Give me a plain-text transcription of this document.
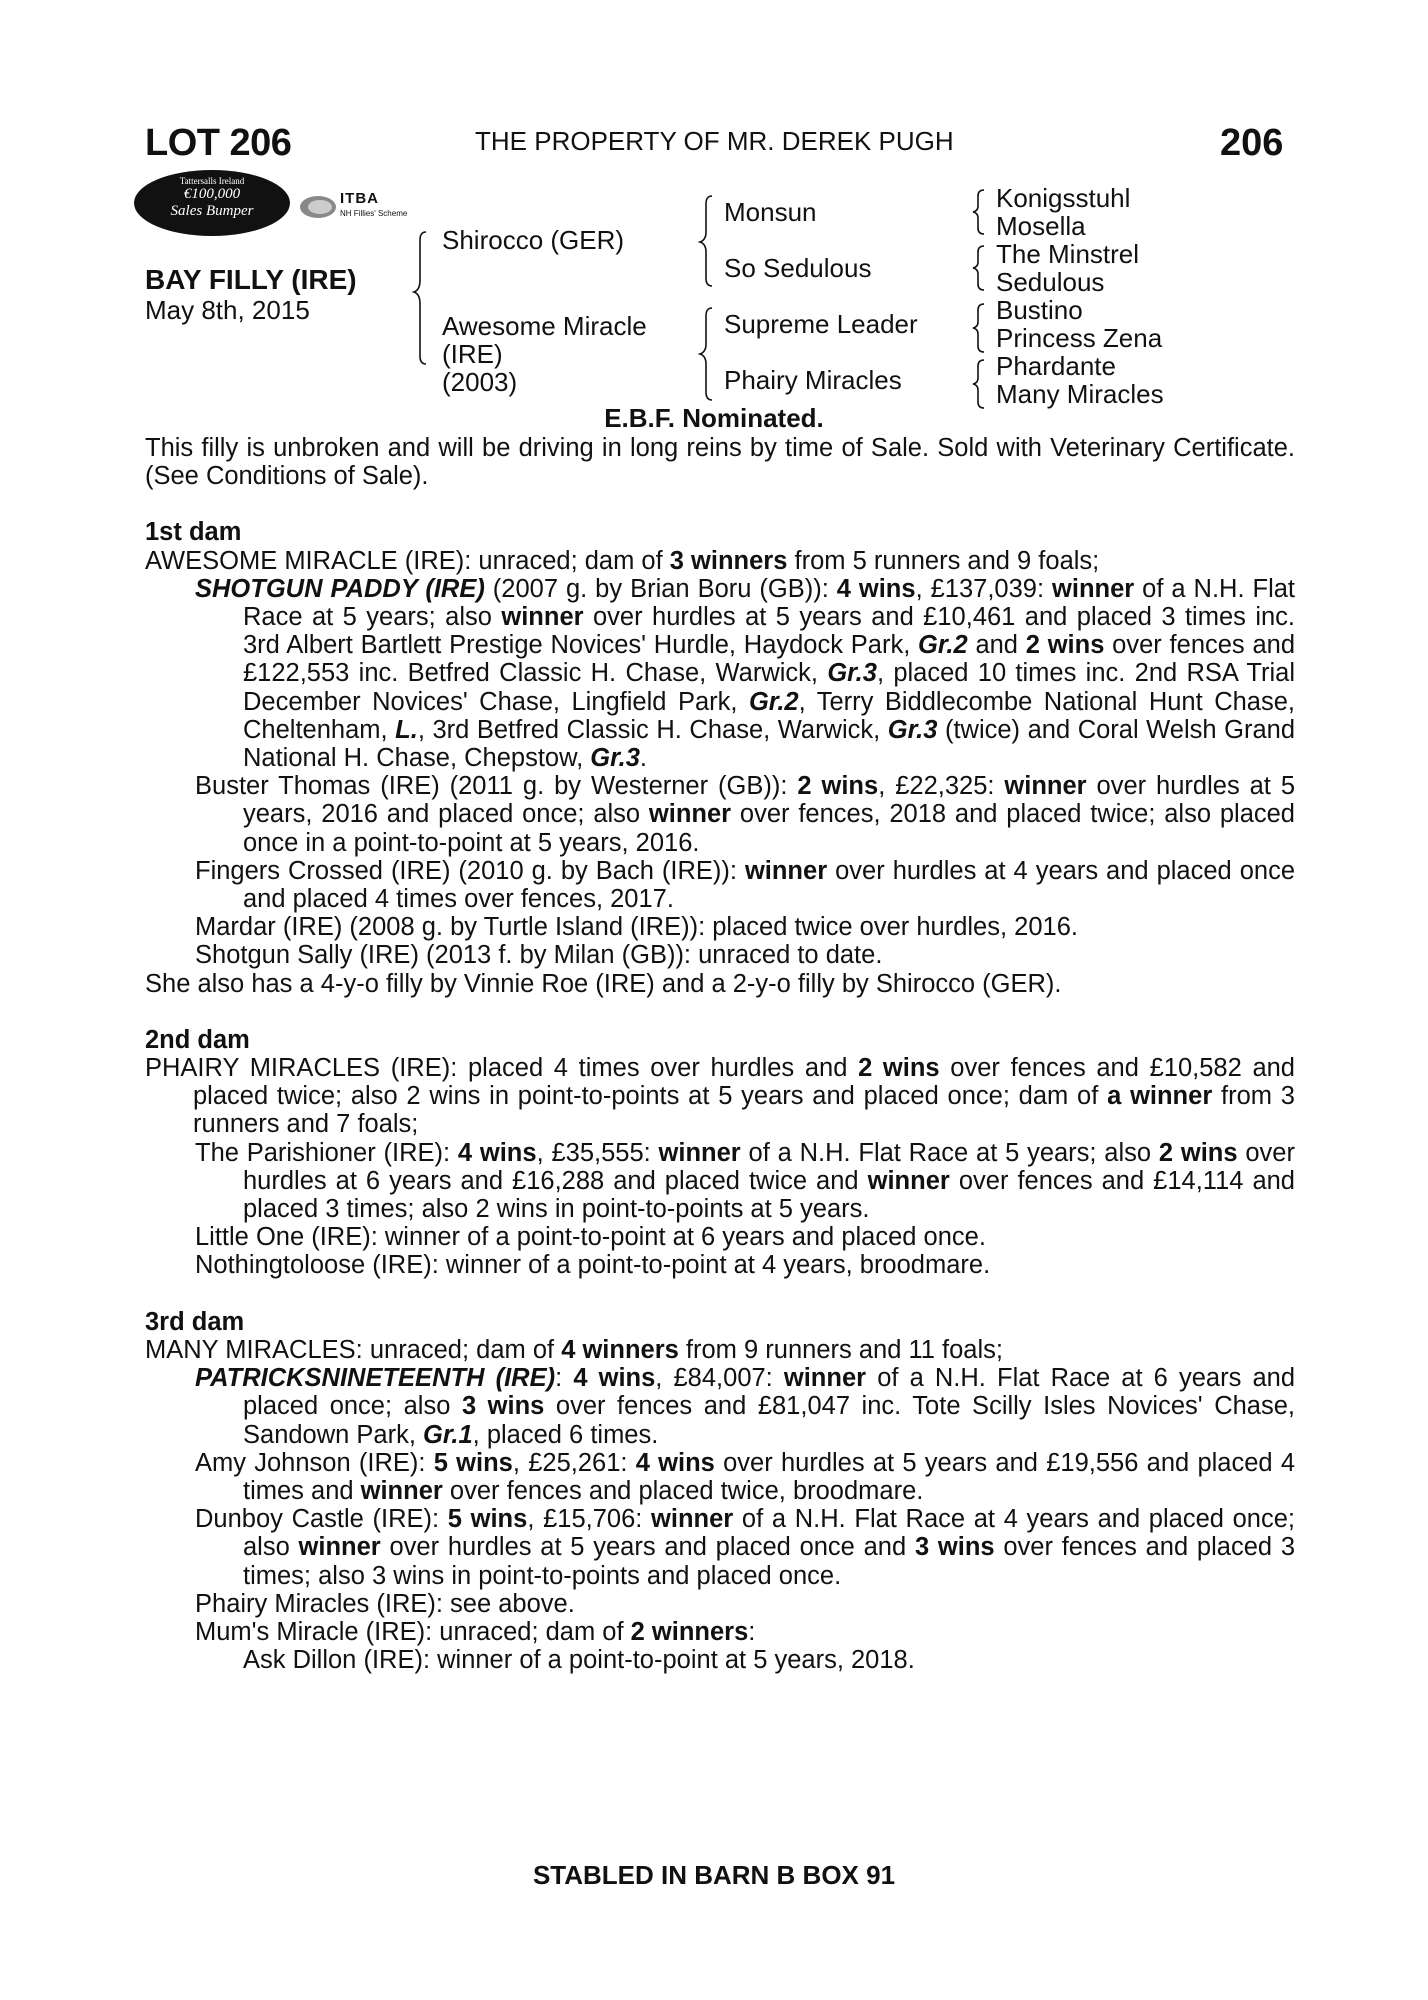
LOT 206	THE PROPERTY OF MR. DEREK PUGH	206
Tattersalls Ireland
€100,000
Sales Bumper
ITBA
NH Fillies' Scheme
BAY FILLY (IRE)
May 8th, 2015
Shirocco (GER)
Awesome Miracle
(IRE)
(2003)
Monsun
So Sedulous
Supreme Leader
Phairy Miracles
Konigsstuhl
Mosella
The Minstrel
Sedulous
Bustino
Princess Zena
Phardante
Many Miracles
E.B.F. Nominated.

This filly is unbroken and will be driving in long reins by time of Sale. Sold with Veterinary Certificate. (See Conditions of Sale).

1st dam

AWESOME MIRACLE (IRE): unraced; dam of 3 winners from 5 runners and 9 foals;

SHOTGUN PADDY (IRE) (2007 g. by Brian Boru (GB)): 4 wins, £137,039: winner of a N.H. Flat Race at 5 years; also winner over hurdles at 5 years and £10,461 and placed 3 times inc. 3rd Albert Bartlett Prestige Novices' Hurdle, Haydock Park, Gr.2 and 2 wins over fences and £122,553 inc. Betfred Classic H. Chase, Warwick, Gr.3, placed 10 times inc. 2nd RSA Trial December Novices' Chase, Lingfield Park, Gr.2, Terry Biddlecombe National Hunt Chase, Cheltenham, L., 3rd Betfred Classic H. Chase, Warwick, Gr.3 (twice) and Coral Welsh Grand National H. Chase, Chepstow, Gr.3.

Buster Thomas (IRE) (2011 g. by Westerner (GB)): 2 wins, £22,325: winner over hurdles at 5 years, 2016 and placed once; also winner over fences, 2018 and placed twice; also placed once in a point-to-point at 5 years, 2016.

Fingers Crossed (IRE) (2010 g. by Bach (IRE)): winner over hurdles at 4 years and placed once and placed 4 times over fences, 2017.

Mardar (IRE) (2008 g. by Turtle Island (IRE)): placed twice over hurdles, 2016.

Shotgun Sally (IRE) (2013 f. by Milan (GB)): unraced to date.

She also has a 4-y-o filly by Vinnie Roe (IRE) and a 2-y-o filly by Shirocco (GER).

2nd dam

PHAIRY MIRACLES (IRE): placed 4 times over hurdles and 2 wins over fences and £10,582 and placed twice; also 2 wins in point-to-points at 5 years and placed once; dam of a winner from 3 runners and 7 foals;

The Parishioner (IRE): 4 wins, £35,555: winner of a N.H. Flat Race at 5 years; also 2 wins over hurdles at 6 years and £16,288 and placed twice and winner over fences and £14,114 and placed 3 times; also 2 wins in point-to-points at 5 years.

Little One (IRE): winner of a point-to-point at 6 years and placed once.

Nothingtoloose (IRE): winner of a point-to-point at 4 years, broodmare.

3rd dam

MANY MIRACLES: unraced; dam of 4 winners from 9 runners and 11 foals;

PATRICKSNINETEENTH (IRE): 4 wins, £84,007: winner of a N.H. Flat Race at 6 years and placed once; also 3 wins over fences and £81,047 inc. Tote Scilly Isles Novices' Chase, Sandown Park, Gr.1, placed 6 times.

Amy Johnson (IRE): 5 wins, £25,261: 4 wins over hurdles at 5 years and £19,556 and placed 4 times and winner over fences and placed twice, broodmare.

Dunboy Castle (IRE): 5 wins, £15,706: winner of a N.H. Flat Race at 4 years and placed once; also winner over hurdles at 5 years and placed once and 3 wins over fences and placed 3 times; also 3 wins in point-to-points and placed once.

Phairy Miracles (IRE): see above.

Mum's Miracle (IRE): unraced; dam of 2 winners:

Ask Dillon (IRE): winner of a point-to-point at 5 years, 2018.

STABLED IN BARN B BOX 91
